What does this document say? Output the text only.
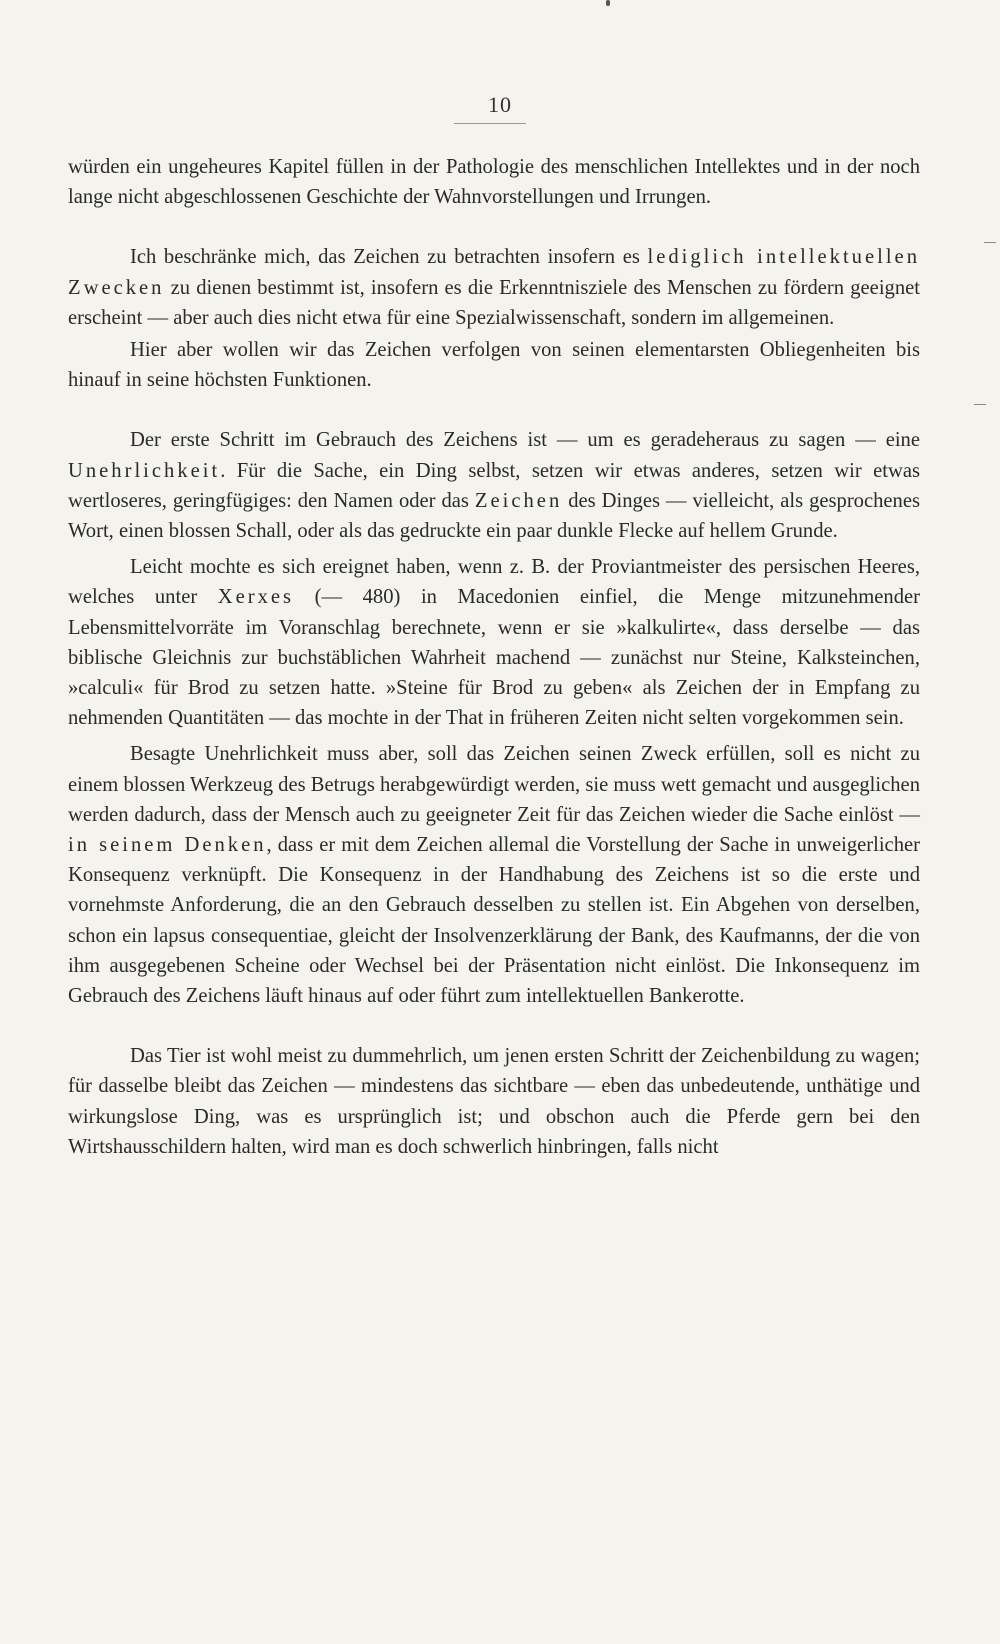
10

würden ein ungeheures Kapitel füllen in der Pathologie des menschlichen Intellektes und in der noch lange nicht abgeschlossenen Geschichte der Wahnvorstellungen und Irrungen.

Ich beschränke mich, das Zeichen zu betrachten insofern es lediglich intellektuellen Zwecken zu dienen bestimmt ist, insofern es die Erkenntnisziele des Menschen zu fördern geeignet erscheint — aber auch dies nicht etwa für eine Spezialwissenschaft, sondern im allgemeinen.

Hier aber wollen wir das Zeichen verfolgen von seinen elementarsten Obliegenheiten bis hinauf in seine höchsten Funktionen.

Der erste Schritt im Gebrauch des Zeichens ist — um es geradeheraus zu sagen — eine Unehrlichkeit. Für die Sache, ein Ding selbst, setzen wir etwas anderes, setzen wir etwas wertloseres, geringfügiges: den Namen oder das Zeichen des Dinges — vielleicht, als gesprochenes Wort, einen blossen Schall, oder als das gedruckte ein paar dunkle Flecke auf hellem Grunde.

Leicht mochte es sich ereignet haben, wenn z. B. der Proviantmeister des persischen Heeres, welches unter Xerxes (— 480) in Macedonien einfiel, die Menge mitzunehmender Lebensmittelvorräte im Voranschlag berechnete, wenn er sie »kalkulirte«, dass derselbe — das biblische Gleichnis zur buchstäblichen Wahrheit machend — zunächst nur Steine, Kalksteinchen, »calculi« für Brod zu setzen hatte. »Steine für Brod zu geben« als Zeichen der in Empfang zu nehmenden Quantitäten — das mochte in der That in früheren Zeiten nicht selten vorgekommen sein.

Besagte Unehrlichkeit muss aber, soll das Zeichen seinen Zweck erfüllen, soll es nicht zu einem blossen Werkzeug des Betrugs herabgewürdigt werden, sie muss wett gemacht und ausgeglichen werden dadurch, dass der Mensch auch zu geeigneter Zeit für das Zeichen wieder die Sache einlöst — in seinem Denken, dass er mit dem Zeichen allemal die Vorstellung der Sache in unweigerlicher Konsequenz verknüpft. Die Konsequenz in der Handhabung des Zeichens ist so die erste und vornehmste Anforderung, die an den Gebrauch desselben zu stellen ist. Ein Abgehen von derselben, schon ein lapsus consequentiae, gleicht der Insolvenzerklärung der Bank, des Kaufmanns, der die von ihm ausgegebenen Scheine oder Wechsel bei der Präsentation nicht einlöst. Die Inkonsequenz im Gebrauch des Zeichens läuft hinaus auf oder führt zum intellektuellen Bankerotte.

Das Tier ist wohl meist zu dummehrlich, um jenen ersten Schritt der Zeichenbildung zu wagen; für dasselbe bleibt das Zeichen — mindestens das sichtbare — eben das unbedeutende, unthätige und wirkungslose Ding, was es ursprünglich ist; und obschon auch die Pferde gern bei den Wirtshausschildern halten, wird man es doch schwerlich hinbringen, falls nicht
